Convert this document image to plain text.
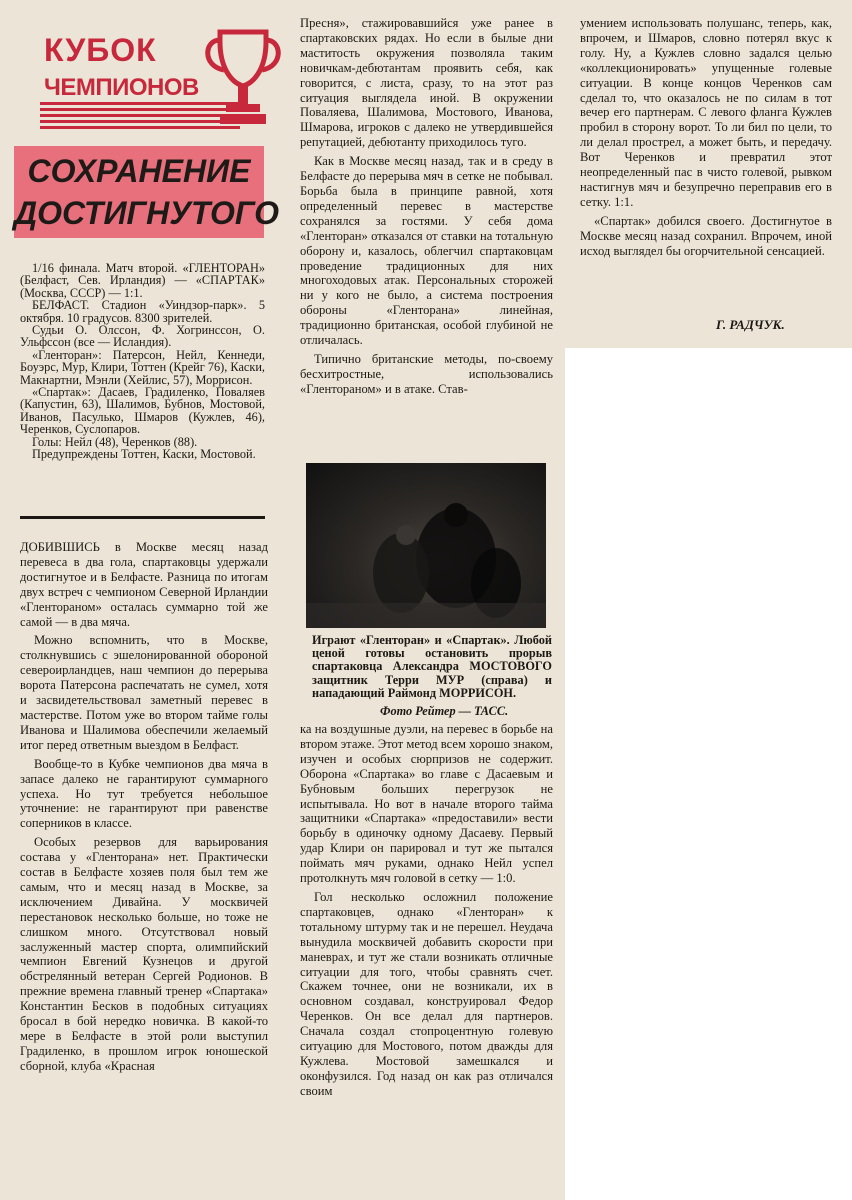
КУБОК
ЧЕМПИОНОВ
СОХРАНЕНИЕ
ДОСТИГНУТОГО

1/16 финала. Матч второй. «ГЛЕНТОРАН» (Белфаст, Сев. Ирландия) — «СПАРТАК» (Москва, СССР) — 1:1.

БЕЛФАСТ. Стадион «Уиндзор-парк». 5 октября. 10 градусов. 8300 зрителей.

Судьи О. Олссон, Ф. Хогринссон, О. Ульфссон (все — Исландия).

«Гленторан»: Патерсон, Нейл, Кеннеди, Боуэрс, Мур, Клири, Тоттен (Крейг 76), Каски, Макнартни, Мэнли (Хейлис, 57), Моррисон.

«Спартак»: Дасаев, Градиленко, Поваляев (Капустин, 63), Шалимов, Бубнов, Мостовой, Иванов, Пасулько, Шмаров (Кужлев, 46), Черенков, Суслопаров.

Голы: Нейл (48), Черенков (88).

Предупреждены Тоттен, Каски, Мостовой.

ДОБИВШИСЬ в Москве месяц назад перевеса в два гола, спартаковцы удержали достигнутое и в Белфасте. Разница по итогам двух встреч с чемпионом Северной Ирландии «Глентораном» осталась суммарно той же самой — в два мяча.

Можно вспомнить, что в Москве, столкнувшись с эшелонированной обороной североирландцев, наш чемпион до перерыва ворота Патерсона распечатать не сумел, хотя и засвидетельствовал заметный перевес в мастерстве. Потом уже во втором тайме голы Иванова и Шалимова обеспечили желаемый итог перед ответным выездом в Белфаст.

Вообще-то в Кубке чемпионов два мяча в запасе далеко не гарантируют суммарного успеха. Но тут требуется небольшое уточнение: не гарантируют при равенстве соперников в классе.

Особых резервов для варьирования состава у «Гленторана» нет. Практически состав в Белфасте хозяев поля был тем же самым, что и месяц назад в Москве, за исключением Дивайна. У москвичей перестановок несколько больше, но тоже не слишком много. Отсутствовал новый заслуженный мастер спорта, олимпийский чемпион Евгений Кузнецов и другой обстрелянный ветеран Сергей Родионов. В прежние времена главный тренер «Спартака» Константин Бесков в подобных ситуациях бросал в бой нередко новичка. В какой-то мере в Белфасте в этой роли выступил Градиленко, в прошлом игрок юношеской сборной, клуба «Красная

Пресня», стажировавшийся уже ранее в спартаковских рядах. Но если в былые дни маститость окружения позволяла таким новичкам-дебютантам проявить себя, как говорится, с листа, сразу, то на этот раз ситуация выглядела иной. В окружении Поваляева, Шалимова, Мостового, Иванова, Шмарова, игроков с далеко не утвердившейся репутацией, дебютанту приходилось туго.

Как в Москве месяц назад, так и в среду в Белфасте до перерыва мяч в сетке не побывал. Борьба была в принципе равной, хотя определенный перевес в мастерстве сохранялся за гостями. У себя дома «Гленторан» отказался от ставки на тотальную оборону и, казалось, облегчил спартаковцам проведение традиционных для них многоходовых атак. Персональных сторожей ни у кого не было, а система построения обороны «Гленторана» линейная, традиционно британская, особой глубиной не отличалась.

Типично британские методы, по-своему бесхитростные, использовались «Глентораном» и в атаке. Став-

Играют «Гленторан» и «Спартак». Любой ценой готовы остановить прорыв спартаковца Александра МОСТОВОГО защитник Терри МУР (справа) и нападающий Раймонд МОРРИСОН.
Фото Рейтер — ТАСС.

ка на воздушные дуэли, на перевес в борьбе на втором этаже. Этот метод всем хорошо знаком, изучен и особых сюрпризов не содержит. Оборона «Спартака» во главе с Дасаевым и Бубновым больших перегрузок не испытывала. Но вот в начале второго тайма защитники «Спартака» «предоставили» вести борьбу в одиночку одному Дасаеву. Первый удар Клири он парировал и тут же пытался поймать мяч руками, однако Нейл успел протолкнуть мяч головой в сетку — 1:0.

Гол несколько осложнил положение спартаковцев, однако «Гленторан» к тотальному штурму так и не перешел. Неудача вынудила москвичей добавить скорости при маневрах, и тут же стали возникать отличные ситуации для того, чтобы сравнять счет. Скажем точнее, они не возникали, их в основном создавал, конструировал Федор Черенков. Он все делал для партнеров. Сначала создал стопроцентную голевую ситуацию для Мостового, потом дважды для Кужлева. Мостовой замешкался и оконфузился. Год назад он как раз отличался своим

умением использовать полушанс, теперь, как, впрочем, и Шмаров, словно потерял вкус к голу. Ну, а Кужлев словно задался целью «коллекционировать» упущенные голевые ситуации. В конце концов Черенков сам сделал то, что оказалось не по силам в тот вечер его партнерам. С левого фланга Кужлев пробил в сторону ворот. То ли бил по цели, то ли делал прострел, а может быть, и передачу. Вот Черенков и превратил этот неопределенный пас в чисто голевой, рывком настигнув мяч и безупречно переправив его в сетку. 1:1.

«Спартак» добился своего. Достигнутое в Москве месяц назад сохранил. Впрочем, иной исход выглядел бы огорчительной сенсацией.

Г. РАДЧУК.
